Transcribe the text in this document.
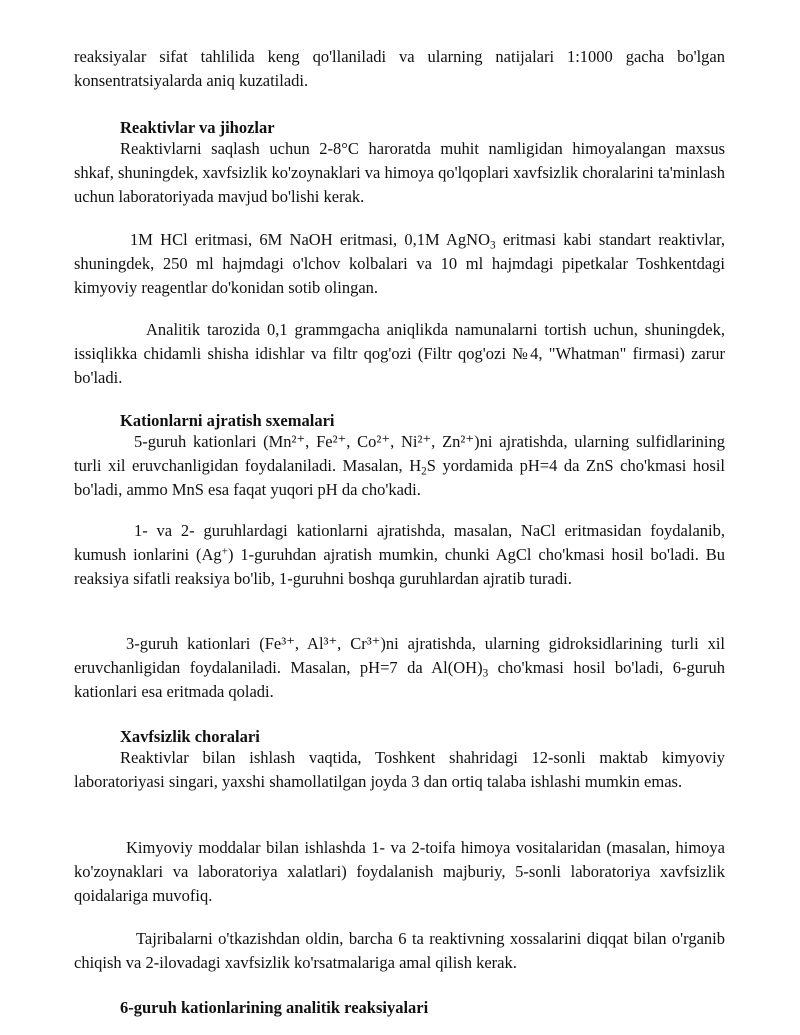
reaksiyalar sifat tahlilida keng qo'llaniladi va ularning natijalari 1:1000 gacha bo'lgan konsentratsiyalarda aniq kuzatiladi.

Reaktivlar va jihozlar

Reaktivlarni saqlash uchun 2-8°C haroratda muhit namligidan himoyalangan maxsus shkaf, shuningdek, xavfsizlik ko'zoynaklari va himoya qo'lqoplari xavfsizlik choralarini ta'minlash uchun laboratoriyada mavjud bo'lishi kerak.

1M HCl eritmasi, 6M NaOH eritmasi, 0,1M AgNO$_3$ eritmasi kabi standart reaktivlar, shuningdek, 250 ml hajmdagi o'lchov kolbalari va 10 ml hajmdagi pipetkalar Toshkentdagi kimyoviy reagentlar do'konidan sotib olingan.

Analitik tarozida 0,1 grammgacha aniqlikda namunalarni tortish uchun, shuningdek, issiqlikka chidamli shisha idishlar va filtr qog'ozi (Filtr qog'ozi №4, "Whatman" firmasi) zarur bo'ladi.

Kationlarni ajratish sxemalari

5-guruh kationlari (Mn²⁺, Fe²⁺, Co²⁺, Ni²⁺, Zn²⁺)ni ajratishda, ularning sulfidlarining turli xil eruvchanligidan foydalaniladi. Masalan, $H_2S$ yordamida pH=4 da ZnS cho'kmasi hosil bo'ladi, ammo MnS esa faqat yuqori pH da cho'kadi.

1- va 2- guruhlardagi kationlarni ajratishda, masalan, NaCl eritmasidan foydalanib, kumush ionlarini (Ag+) 1-guruhdan ajratish mumkin, chunki AgCl cho'kmasi hosil bo'ladi. Bu reaksiya sifatli reaksiya bo'lib, 1-guruhni boshqa guruhlardan ajratib turadi.

3-guruh kationlari (Fe³⁺, Al³⁺, Cr³⁺)ni ajratishda, ularning gidroksidlarining turli xil eruvchanligidan foydalaniladi. Masalan, pH=7 da $Al(OH)_3$ cho'kmasi hosil bo'ladi, 6-guruh kationlari esa eritmada qoladi.

Xavfsizlik choralari

Reaktivlar bilan ishlash vaqtida, Toshkent shahridagi 12-sonli maktab kimyoviy laboratoriyasi singari, yaxshi shamollatilgan joyda 3 dan ortiq talaba ishlashi mumkin emas.

Kimyoviy moddalar bilan ishlashda 1- va 2-toifa himoya vositalaridan (masalan, himoya ko'zoynaklari va laboratoriya xalatlari) foydalanish majburiy, 5-sonli laboratoriya xavfsizlik qoidalariga muvofiq.

Tajribalarni o'tkazishdan oldin, barcha 6 ta reaktivning xossalarini diqqat bilan o'rganib chiqish va 2-ilovadagi xavfsizlik ko'rsatmalariga amal qilish kerak.

6-guruh kationlarining analitik reaksiyalari
